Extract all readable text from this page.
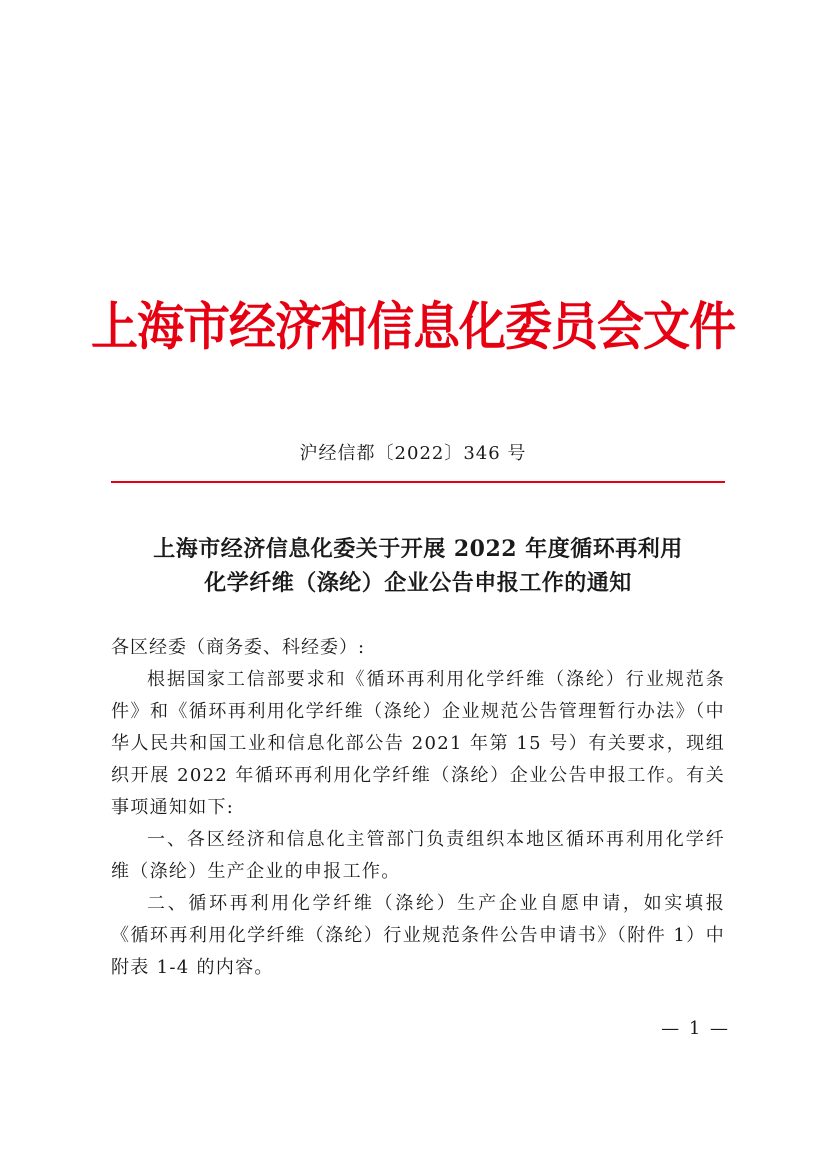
上海市经济和信息化委员会文件
沪经信都〔2022〕346 号
上海市经济信息化委关于开展 2022 年度循环再利用
化学纤维（涤纶）企业公告申报工作的通知

各区经委（商务委、科经委）:

根据国家工信部要求和《循环再利用化学纤维（涤纶）行业规范条件》和《循环再利用化学纤维（涤纶）企业规范公告管理暂行办法》（中华人民共和国工业和信息化部公告 2021 年第 15 号）有关要求，现组织开展 2022 年循环再利用化学纤维（涤纶）企业公告申报工作。有关事项通知如下:

一、各区经济和信息化主管部门负责组织本地区循环再利用化学纤维（涤纶）生产企业的申报工作。

二、循环再利用化学纤维（涤纶）生产企业自愿申请，如实填报《循环再利用化学纤维（涤纶）行业规范条件公告申请书》（附件 1）中附表 1-4 的内容。

— 1 —
